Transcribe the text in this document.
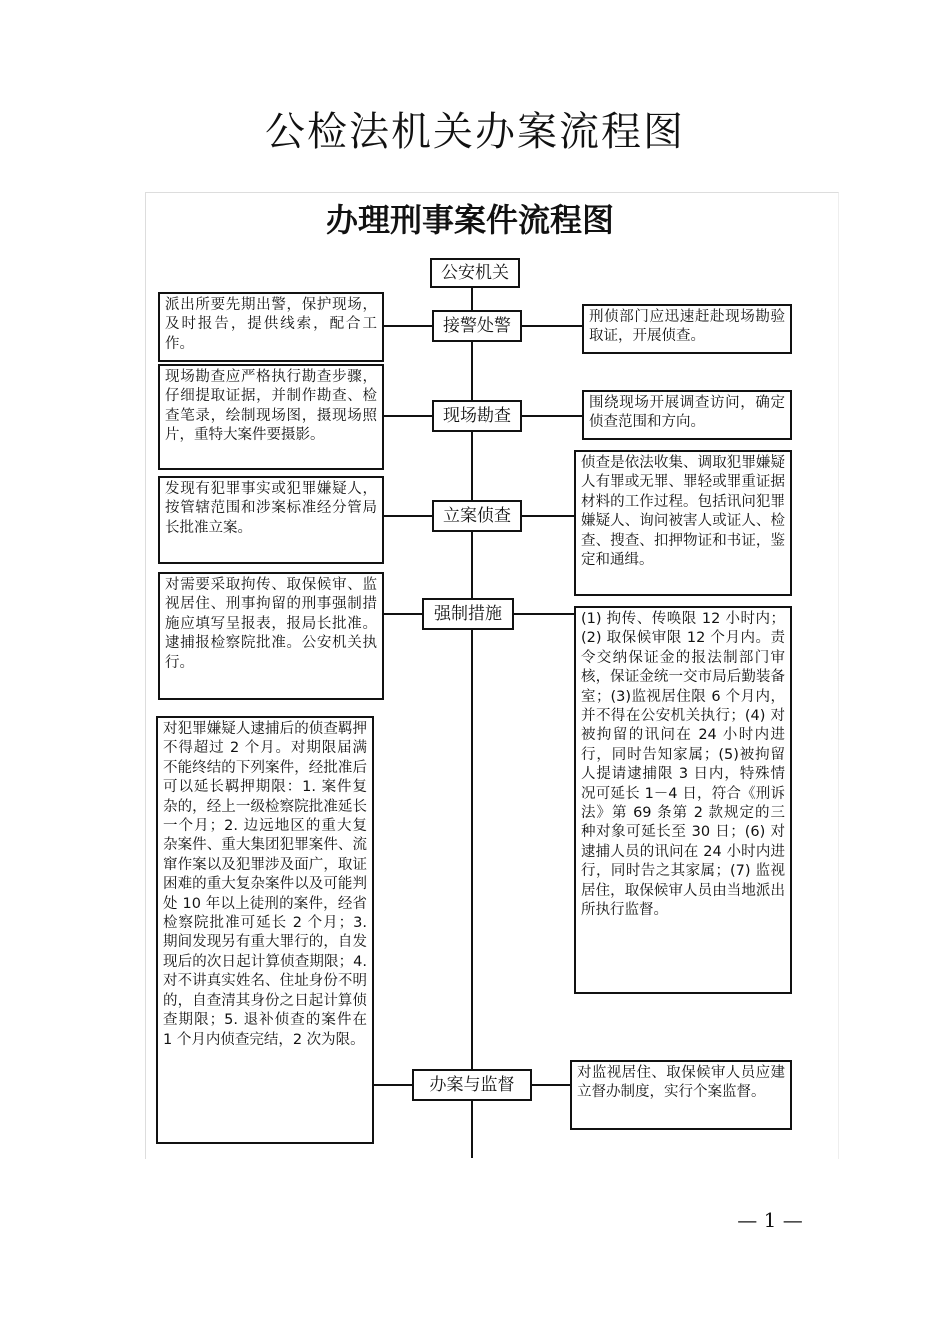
公检法机关办案流程图
办理刑事案件流程图
公安机关
接警处警
现场勘查
立案侦查
强制措施
办案与监督
派出所要先期出警，保护现场，及时报告，提供线索，配合工作。
现场勘查应严格执行勘查步骤，仔细提取证据，并制作勘查、检查笔录，绘制现场图，摄现场照片，重特大案件要摄影。
发现有犯罪事实或犯罪嫌疑人，按管辖范围和涉案标准经分管局长批准立案。
对需要采取拘传、取保候审、监视居住、刑事拘留的刑事强制措施应填写呈报表，报局长批准。逮捕报检察院批准。公安机关执行。
对犯罪嫌疑人逮捕后的侦查羁押不得超过 2 个月。对期限届满不能终结的下列案件，经批准后可以延长羁押期限：1. 案件复杂的，经上一级检察院批准延长一个月；2. 边远地区的重大复杂案件、重大集团犯罪案件、流窜作案以及犯罪涉及面广，取证困难的重大复杂案件以及可能判处 10 年以上徒刑的案件，经省检察院批准可延长 2 个月；3. 期间发现另有重大罪行的，自发现后的次日起计算侦查期限；4. 对不讲真实姓名、住址身份不明的，自查清其身份之日起计算侦查期限；5. 退补侦查的案件在 1 个月内侦查完结，2 次为限。
刑侦部门应迅速赶赴现场勘验取证，开展侦查。
围绕现场开展调查访问，确定侦查范围和方向。
侦查是依法收集、调取犯罪嫌疑人有罪或无罪、罪轻或罪重证据材料的工作过程。包括讯问犯罪嫌疑人、询问被害人或证人、检查、搜查、扣押物证和书证，鉴定和通缉。
(1) 拘传、传唤限 12 小时内；(2) 取保候审限 12 个月内。责令交纳保证金的报法制部门审核，保证金统一交市局后勤装备室；(3)监视居住限 6 个月内，并不得在公安机关执行；(4) 对被拘留的讯问在 24 小时内进行，同时告知家属；(5)被拘留人提请逮捕限 3 日内，特殊情况可延长 1－4 日，符合《刑诉法》第 69 条第 2 款规定的三种对象可延长至 30 日；(6) 对逮捕人员的讯问在 24 小时内进行，同时告之其家属；(7) 监视居住，取保候审人员由当地派出所执行监督。
对监视居住、取保候审人员应建立督办制度，实行个案监督。
— 1 —
